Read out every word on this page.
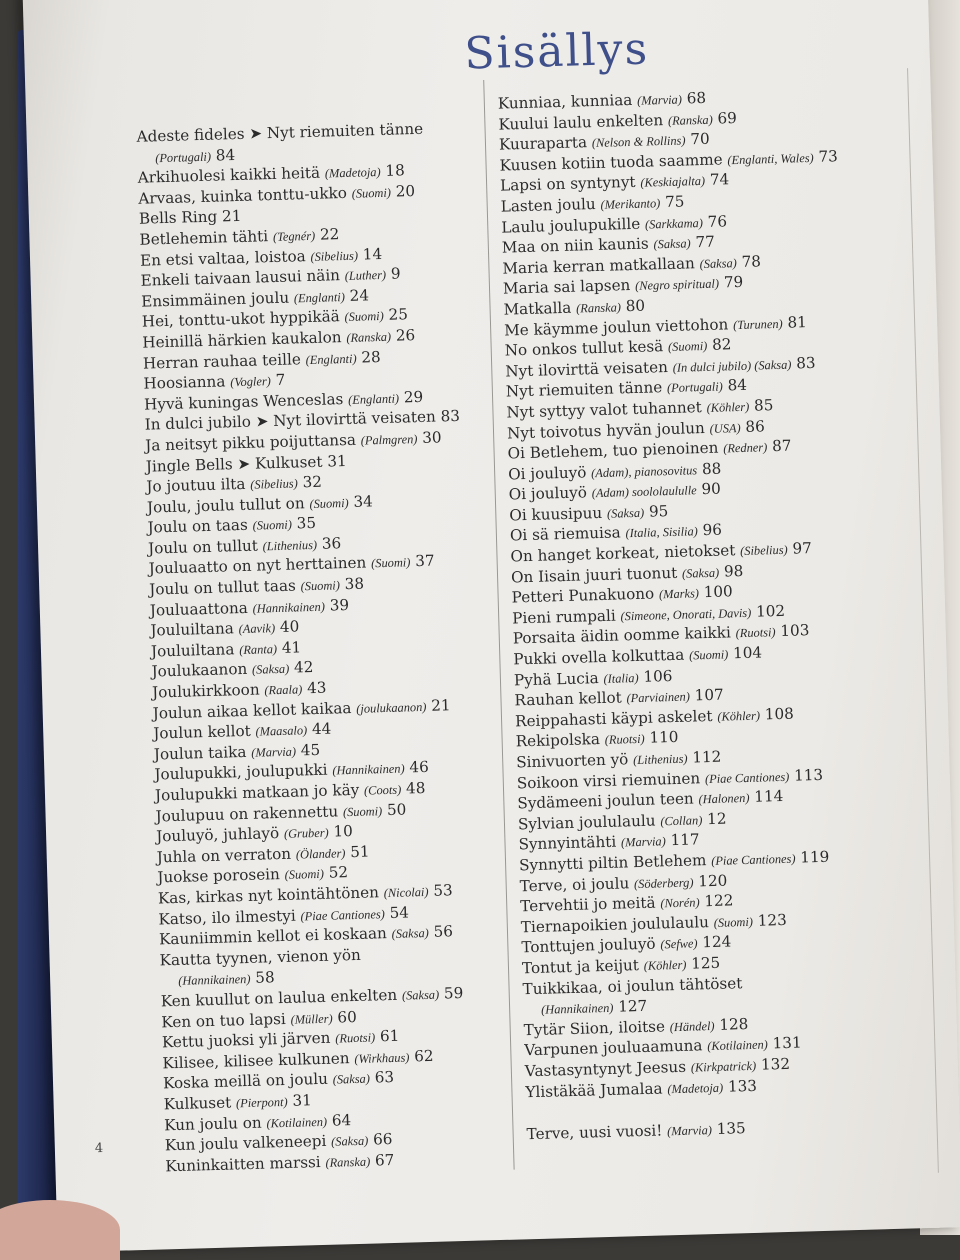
Sisällys
Adeste fideles ➤ Nyt riemuiten tänne
(Portugali) 84
Arkihuolesi kaikki heitä (Madetoja) 18
Arvaas, kuinka tonttu-ukko (Suomi) 20
Bells Ring 21
Betlehemin tähti (Tegnér) 22
En etsi valtaa, loistoa (Sibelius) 14
Enkeli taivaan lausui näin (Luther) 9
Ensimmäinen joulu (Englanti) 24
Hei, tonttu-ukot hyppikää (Suomi) 25
Heinillä härkien kaukalon (Ranska) 26
Herran rauhaa teille (Englanti) 28
Hoosianna (Vogler) 7
Hyvä kuningas Wenceslas (Englanti) 29
In dulci jubilo ➤ Nyt ilovirttä veisaten 83
Ja neitsyt pikku poijuttansa (Palmgren) 30
Jingle Bells ➤ Kulkuset 31
Jo joutuu ilta (Sibelius) 32
Joulu, joulu tullut on (Suomi) 34
Joulu on taas (Suomi) 35
Joulu on tullut (Lithenius) 36
Jouluaatto on nyt herttainen (Suomi) 37
Joulu on tullut taas (Suomi) 38
Jouluaattona (Hannikainen) 39
Jouluiltana (Aavik) 40
Jouluiltana (Ranta) 41
Joulukaanon (Saksa) 42
Joulukirkkoon (Raala) 43
Joulun aikaa kellot kaikaa (joulukaanon) 21
Joulun kellot (Maasalo) 44
Joulun taika (Marvia) 45
Joulupukki, joulupukki (Hannikainen) 46
Joulupukki matkaan jo käy (Coots) 48
Joulupuu on rakennettu (Suomi) 50
Jouluyö, juhlayö (Gruber) 10
Juhla on verraton (Ölander) 51
Juokse porosein (Suomi) 52
Kas, kirkas nyt kointähtönen (Nicolai) 53
Katso, ilo ilmestyi (Piae Cantiones) 54
Kauniimmin kellot ei koskaan (Saksa) 56
Kautta tyynen, vienon yön
(Hannikainen) 58
Ken kuullut on laulua enkelten (Saksa) 59
Ken on tuo lapsi (Müller) 60
Kettu juoksi yli järven (Ruotsi) 61
Kilisee, kilisee kulkunen (Wirkhaus) 62
Koska meillä on joulu (Saksa) 63
Kulkuset (Pierpont) 31
Kun joulu on (Kotilainen) 64
Kun joulu valkeneepi (Saksa) 66
Kuninkaitten marssi (Ranska) 67
Kunniaa, kunniaa (Marvia) 68
Kuului laulu enkelten (Ranska) 69
Kuuraparta (Nelson & Rollins) 70
Kuusen kotiin tuoda saamme (Englanti, Wales) 73
Lapsi on syntynyt (Keskiajalta) 74
Lasten joulu (Merikanto) 75
Laulu joulupukille (Sarkkama) 76
Maa on niin kaunis (Saksa) 77
Maria kerran matkallaan (Saksa) 78
Maria sai lapsen (Negro spiritual) 79
Matkalla (Ranska) 80
Me käymme joulun viettohon (Turunen) 81
No onkos tullut kesä (Suomi) 82
Nyt ilovirttä veisaten (In dulci jubilo) (Saksa) 83
Nyt riemuiten tänne (Portugali) 84
Nyt syttyy valot tuhannet (Köhler) 85
Nyt toivotus hyvän joulun (USA) 86
Oi Betlehem, tuo pienoinen (Redner) 87
Oi jouluyö (Adam), pianosovitus 88
Oi jouluyö (Adam) soololaululle 90
Oi kuusipuu (Saksa) 95
Oi sä riemuisa (Italia, Sisilia) 96
On hanget korkeat, nietokset (Sibelius) 97
On Iisain juuri tuonut (Saksa) 98
Petteri Punakuono (Marks) 100
Pieni rumpali (Simeone, Onorati, Davis) 102
Porsaita äidin oomme kaikki (Ruotsi) 103
Pukki ovella kolkuttaa (Suomi) 104
Pyhä Lucia (Italia) 106
Rauhan kellot (Parviainen) 107
Reippahasti käypi askelet (Köhler) 108
Rekipolska (Ruotsi) 110
Sinivuorten yö (Lithenius) 112
Soikoon virsi riemuinen (Piae Cantiones) 113
Sydämeeni joulun teen (Halonen) 114
Sylvian joululaulu (Collan) 12
Synnyintähti (Marvia) 117
Synnytti piltin Betlehem (Piae Cantiones) 119
Terve, oi joulu (Söderberg) 120
Tervehtii jo meitä (Norén) 122
Tiernapoikien joululaulu (Suomi) 123
Tonttujen jouluyö (Sefwe) 124
Tontut ja keijut (Köhler) 125
Tuikkikaa, oi joulun tähtöset
(Hannikainen) 127
Tytär Siion, iloitse (Händel) 128
Varpunen jouluaamuna (Kotilainen) 131
Vastasyntynyt Jeesus (Kirkpatrick) 132
Ylistäkää Jumalaa (Madetoja) 133
Terve, uusi vuosi! (Marvia) 135
4
